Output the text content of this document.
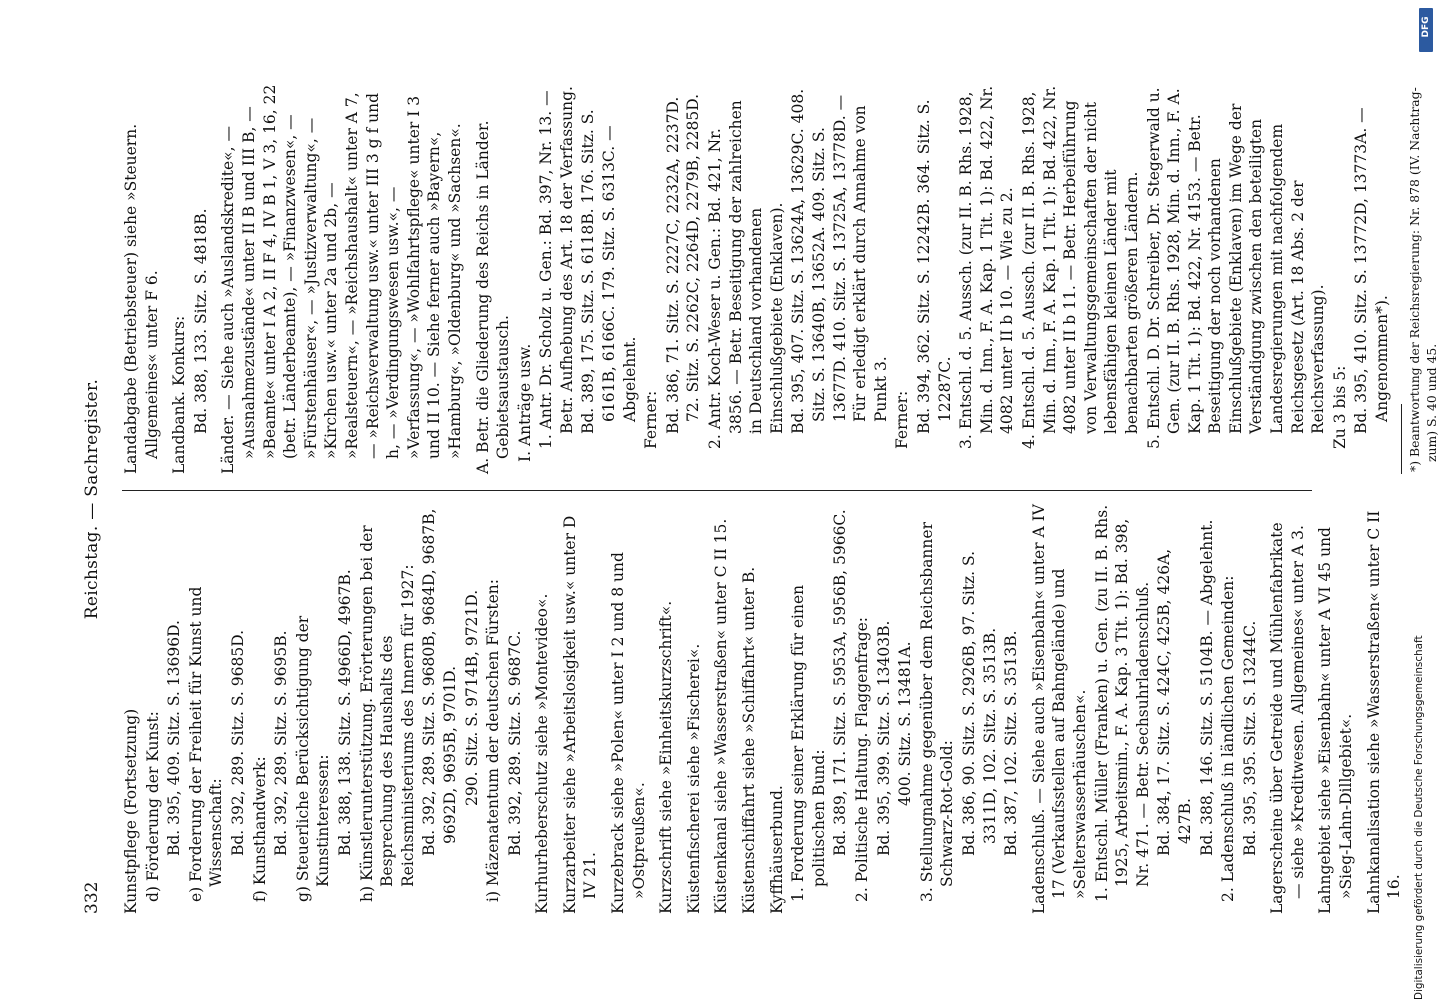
332
Reichstag. — Sachregister.
Kunstpflege (Fortsetzung) d) Förderung der Kunst: Bd. 395, 409. Sitz. S. 13696D. e) Forderung der Freiheit für Kunst und Wissenschaft: Bd. 392, 289. Sitz. S. 9685D. f) Kunsthandwerk: Bd. 392, 289. Sitz. S. 9695B. g) Steuerliche Berücksichtigung der Kunstinteressen: Bd. 388, 138. Sitz. S. 4966D, 4967B. h) Künstlerunterstützung. Erörterungen bei der Besprechung des Haushalts des Reichsministeriums des Innern für 1927: Bd. 392, 289. Sitz. S. 9680B, 9684D, 9687B, 9692D, 9695B, 9701D. 290. Sitz. S. 9714B, 9721D. i) Mäzenatentum der deutschen Fürsten: Bd. 392, 289. Sitz. S. 9687C. Kurhurheberschutz siehe »Montevideo«. Kurzarbeiter siehe »Arbeitslosigkeit usw.« unter D IV 21. Kurzebrack siehe »Polen« unter I 2 und 8 und »Ostpreußen«. Kurzschrift siehe »Einheitskurzschrift«. Küstenfischerei siehe »Fischerei«. Küstenkanal siehe »Wasserstraßen« unter C II 15. Küstenschiffahrt siehe »Schiffahrt« unter B. Kyffhäuserbund. 1. Forderung seiner Erklärung für einen politischen Bund: Bd. 389, 171. Sitz. S. 5953A, 5956B, 5966C. 2. Politische Haltung. Flaggenfrage: Bd. 395, 399. Sitz. S. 13403B. 400. Sitz. S. 13481A. 3. Stellungnahme gegenüber dem Reichsbanner Schwarz-Rot-Gold: Bd. 386, 90. Sitz. S. 2926B, 97. Sitz. S. 3311D, 102. Sitz. S. 3513B. Bd. 387, 102. Sitz. S. 3513B. Ladenschluß. — Siehe auch »Eisenbahn« unter A IV 17 (Verkaufsstellen auf Bahngelände) und »Selterswasserhäuschen«. 1. Entschl. Müller (Franken) u. Gen. (zu II. B. Rhs. 1925, Arbeitsmin., F. A. Kap. 3 Tit. 1): Bd. 398, Nr. 471. — Betr. Sechsuhrladenschluß. Bd. 384, 17. Sitz. S. 424C, 425B, 426A, 427B. Bd. 388, 146. Sitz. S. 5104B. — Abgelehnt. 2. Ladenschluß in ländlichen Gemeinden: Bd. 395, 395. Sitz. S. 13244C. Lagerscheine über Getreide und Mühlenfabrikate — siehe »Kreditwesen. Allgemeines« unter A 3. Lahngebiet siehe »Eisenbahn« unter A VI 45 und »Sieg-Lahn-Dillgebiet«. Lahnkanalisation siehe »Wasserstraßen« unter C II 16.
Landabgabe (Betriebsteuer) siehe »Steuern. Allgemeines« unter F 6. Landbank. Konkurs: Bd. 388, 133. Sitz. S. 4818B. Länder. — Siehe auch »Auslandskredite«, — »Ausnahmezustände« unter II B und III B, — »Beamte« unter I A 2, II F 4, IV B 1, V 3, 16, 22 (betr. Länderbeamte), — »Finanzwesen«, — »Fürstenhäuser«, — »Justizverwaltung«, — »Kirchen usw.« unter 2a und 2b, — »Realsteuern«, — »Reichshaushalt« unter A 7, — »Reichsverwaltung usw.« unter III 3 g f und h, — »Verdingungswesen usw.«, — »Verfassung«, — »Wohlfahrtspflege« unter I 3 und II 10. — Siehe ferner auch »Bayern«, »Hamburg«, »Oldenburg« und »Sachsen«. A. Betr. die Gliederung des Reichs in Länder. Gebietsaustausch. I. Anträge usw. 1. Antr. Dr. Scholz u. Gen.: Bd. 397, Nr. 13. — Betr. Aufhebung des Art. 18 der Verfassung. Bd. 389, 175. Sitz. S. 6118B. 176. Sitz. S. 6161B, 6166C. 179. Sitz. S. 6313C. — Abgelehnt. Ferner: Bd. 386, 71. Sitz. S. 2227C, 2232A, 2237D. 72. Sitz. S. 2262C, 2264D, 2279B, 2285D. 2. Antr. Koch-Weser u. Gen.: Bd. 421, Nr. 3856. — Betr. Beseitigung der zahlreichen in Deutschland vorhandenen Einschlußgebiete (Enklaven). Bd. 395, 407. Sitz. S. 13624A, 13629C. 408. Sitz. S. 13640B, 13652A. 409. Sitz. S. 13677D. 410. Sitz. S. 13725A, 13778D. — Für erledigt erklärt durch Annahme von Punkt 3. Ferner: Bd. 394, 362. Sitz. S. 12242B. 364. Sitz. S. 12287C. 3. Entschl. d. 5. Aussch. (zur II. B. Rhs. 1928, Min. d. Inn., F. A. Kap. 1 Tit. 1): Bd. 422, Nr. 4082 unter II b 10. — Wie zu 2. 4. Entschl. d. 5. Aussch. (zur II. B. Rhs. 1928, Min. d. Inn., F. A. Kap. 1 Tit. 1): Bd. 422, Nr. 4082 unter II b 11. — Betr. Herbeiführung von Verwaltungsgemeinschaften der nicht lebensfähigen kleinen Länder mit benachbarten größeren Ländern. 5. Entschl. D. Dr. Schreiber, Dr. Stegerwald u. Gen. (zur II. B. Rhs. 1928, Min. d. Inn., F. A. Kap. 1 Tit. 1): Bd. 422, Nr. 4153. — Betr. Beseitigung der noch vorhandenen Einschlußgebiete (Enklaven) im Wege der Verständigung zwischen den beteiligten Landesregierungen mit nachfolgendem Reichsgesetz (Art. 18 Abs. 2 der Reichsverfassung). Zu 3 bis 5: Bd. 395, 410. Sitz. S. 13772D, 13773A. — Angenommen*). *) Beantwortung der Reichsregierung: Nr. 878 (IV. Nachtrag-zum) S. 40 und 45.
Digitalisierung gefördert durch die Deutsche Forschungsgemeinschaft
DFG
